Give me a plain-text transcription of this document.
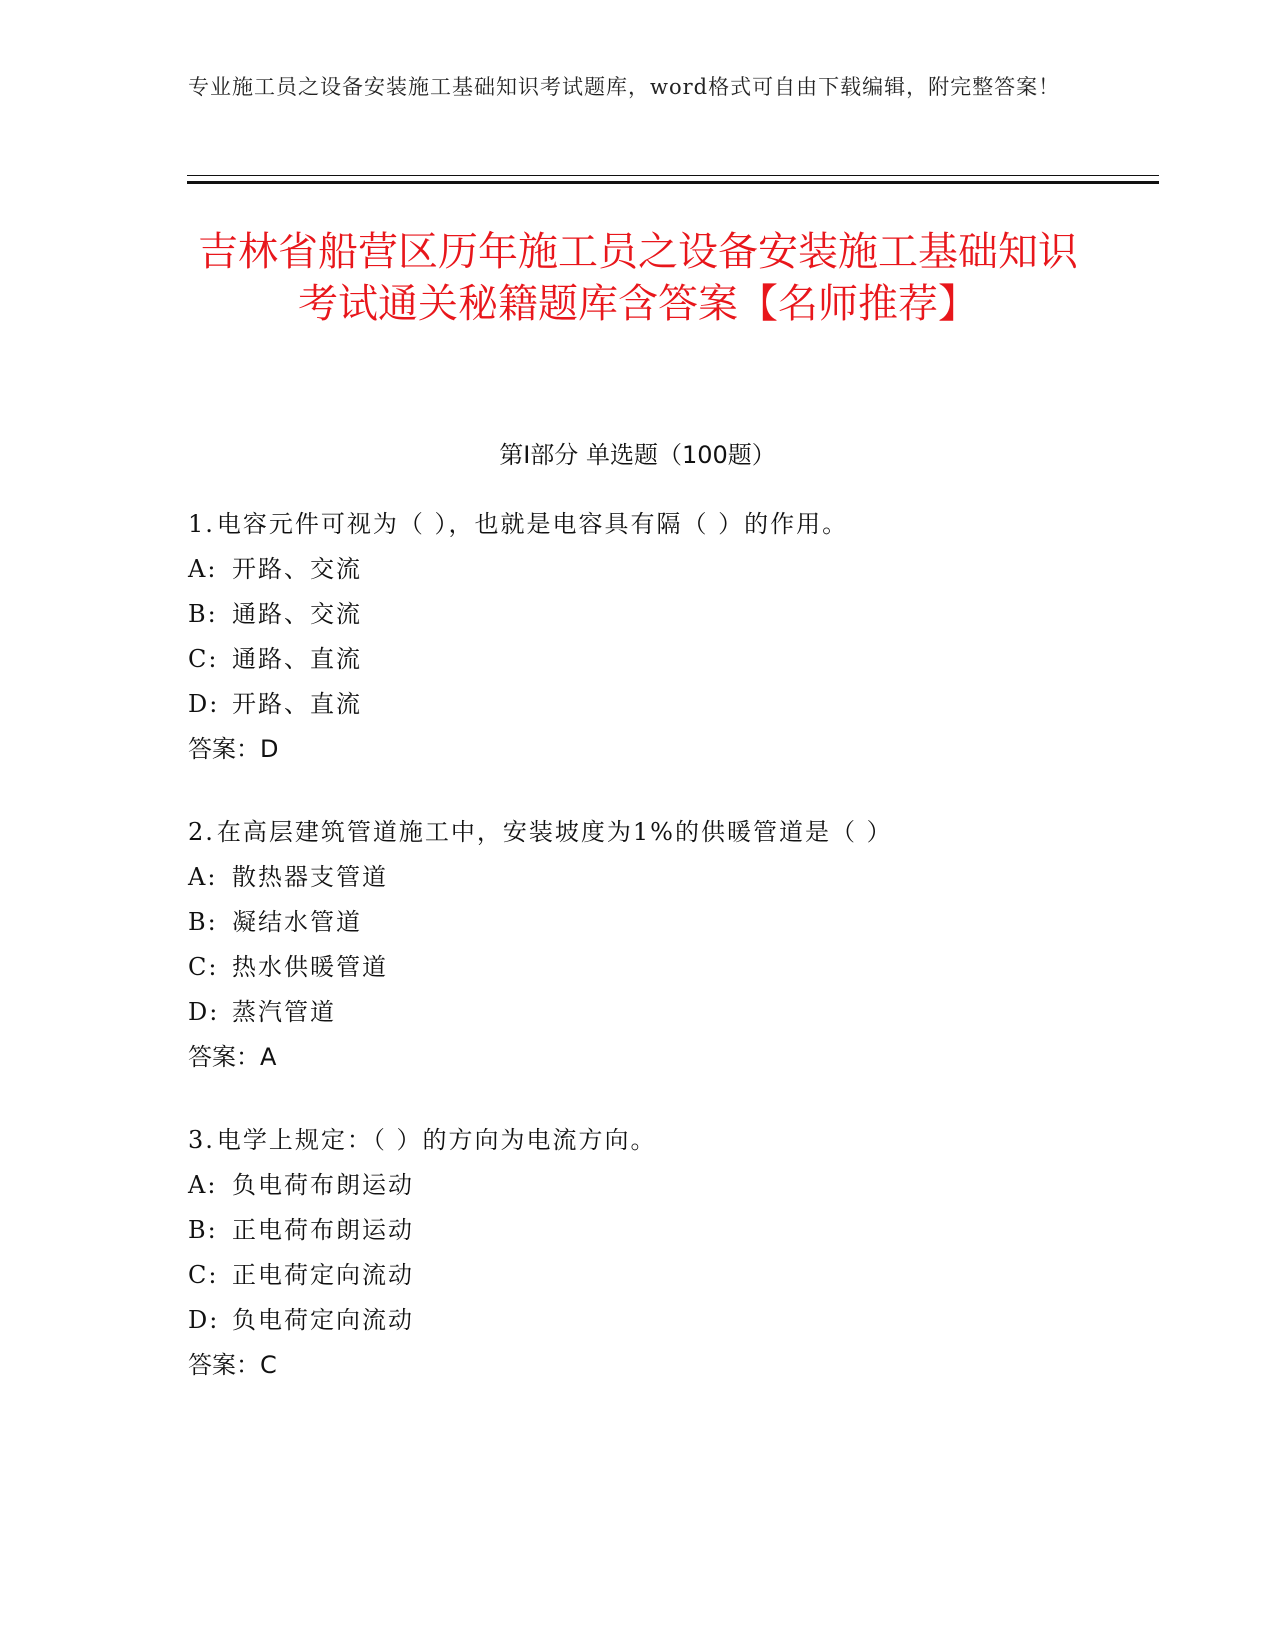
专业施工员之设备安装施工基础知识考试题库，word格式可自由下载编辑，附完整答案！
吉林省船营区历年施工员之设备安装施工基础知识考试通关秘籍题库含答案【名师推荐】
第Ⅰ部分 单选题（100题）
1.电容元件可视为（ ），也就是电容具有隔（ ）的作用。
A: 开路、交流
B: 通路、交流
C: 通路、直流
D: 开路、直流
答案：D
2.在高层建筑管道施工中，安装坡度为1%的供暖管道是（ ）
A: 散热器支管道
B: 凝结水管道
C: 热水供暖管道
D: 蒸汽管道
答案：A
3.电学上规定：（ ）的方向为电流方向。
A: 负电荷布朗运动
B: 正电荷布朗运动
C: 正电荷定向流动
D: 负电荷定向流动
答案：C
